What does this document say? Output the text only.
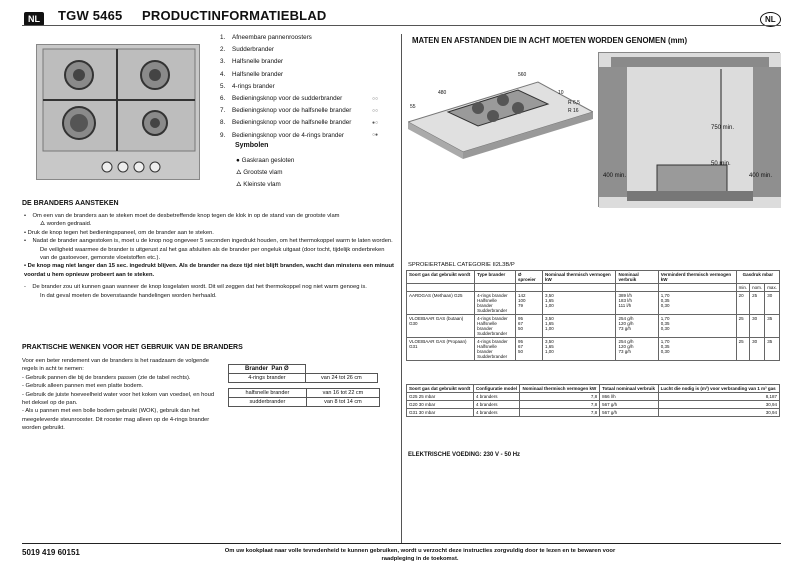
NL	TGW 5465 PRODUCTINFORMATIEBLAD	NL
1. Afneembare pannenroosters
2. Sudderbrander
3. Halfsnelle brander
4. Halfsnelle brander
5. 4-rings brander
6. Bedieningsknop voor de sudderbrander
7. Bedieningsknop voor de halfsnelle brander
8. Bedieningsknop voor de halfsnelle brander
9. Bedieningsknop voor de 4-rings brander
○○
○○
●○
○●
Symbolen
● Gaskraan gesloten
🜂 Grootste vlam
🜂 Kleinste vlam
MATEN EN AFSTANDEN DIE IN ACHT MOETEN WORDEN GENOMEN (mm)
R 6,5
R 16
560
480	10
55
750 min.
50 min.
400 min.	400 min.
DE BRANDERS AANSTEKEN
•    Om een van de branders aan te steken moet de desbetreffende knop tegen de klok in op de stand van de grootste vlam
🜂 worden gedraaid.
• Druk de knop tegen het bedieningspaneel, om de brander aan te steken.
•    Nadat de brander aangestoken is, moet u de knop nog ongeveer 5 seconden ingedrukt houden, om het thermokoppel warm te laten worden.
De veiligheid waarmee de brander is uitgerust zal het gas afsluiten als de brander per ongeluk uitgaat (door tocht, tijdelijk onderbreken van de gastoevoer, gemorste vloeistoffen etc.).
• De knop mag niet langer dan 15 sec. ingedrukt blijven. Als de brander na deze tijd niet blijft branden, wacht dan minstens een minuut voordat u hem opnieuw probeert aan te steken.
-    De brander zou uit kunnen gaan wanneer de knop losgelaten wordt. Dit wil zeggen dat het thermokoppel nog niet warm genoeg is.
In dat geval moeten de bovenstaande handelingen worden herhaald.
PRAKTISCHE WENKEN VOOR HET GEBRUIK VAN DE BRANDERS
Voor een beter rendement van de branders is het raadzaam de volgende regels in acht te nemen:
- Gebruik pannen die bij de branders passen (zie de tabel rechts).
- Gebruik alleen pannen met een platte bodem.
- Gebruik de juiste hoeveelheid water voor het koken van voedsel, en houd het deksel op de pan.
- Als u pannen met een bolle bodem gebruikt (WOK), gebruik dan het meegeleverde steunrooster. Dit rooster mag alleen op de 4-rings brander worden gebruikt.
Brander Pan Ø
4-rings brander	van 24 tot 26 cm
halfsnelle brander	van 16 tot 22 cm
sudderbrander	van 8 tot 14 cm
SPROEIERTABEL CATEGORIE II2L3B/P
Soort gas dat gebruikt wordt	Type brander	Ø sproeier	Nominaal thermisch vermogen kW	Nominaal verbruik	Verminderd thermisch vermogen kW	Gasdruk mbar		
						min.	nom.	max.
AARDGAS (Methaan) G25	4-rings brander
Halfsnelle brander
Sudderbrander	142
100
79	3,50
1,65
1,00	389 l/h
183 l/h
111 l/h	1,70
0,35
0,30	20	25	30
VLOEIBAAR GAS (butaan) G30	4-rings brander
Halfsnelle brander
Sudderbrander	95
67
50	3,50
1,65
1,00	254 g/h
120 g/h
73 g/h	1,70
0,35
0,30	25	30	35
VLOEIBAAR GAS (Propaan) G31	4-rings brander
Halfsnelle brander
Sudderbrander	95
67
50	3,50
1,65
1,00	254 g/h
120 g/h
73 g/h	1,70
0,35
0,30	25	30	35
Soort gas dat gebruikt wordt	Configuratie model	Nominaal thermisch vermogen kW	Totaal nominaal verbruik	Lucht die nodig is (m³) voor verbranding van 1 m³ gas
G25 25 mbar	4 branders	7,8	866 l/h	8,187
G20 30 mbar	4 branders	7,8	567 g/h	30,94
G31 30 mbar	4 branders	7,8	567 g/h	30,94
ELEKTRISCHE VOEDING: 230 V - 50 Hz
5019 419 60151	Om uw kookplaat naar volle tevredenheid te kunnen gebruiken, wordt u verzocht deze instructies zorgvuldig door te lezen en te bewaren voor
raadpleging in de toekomst.
